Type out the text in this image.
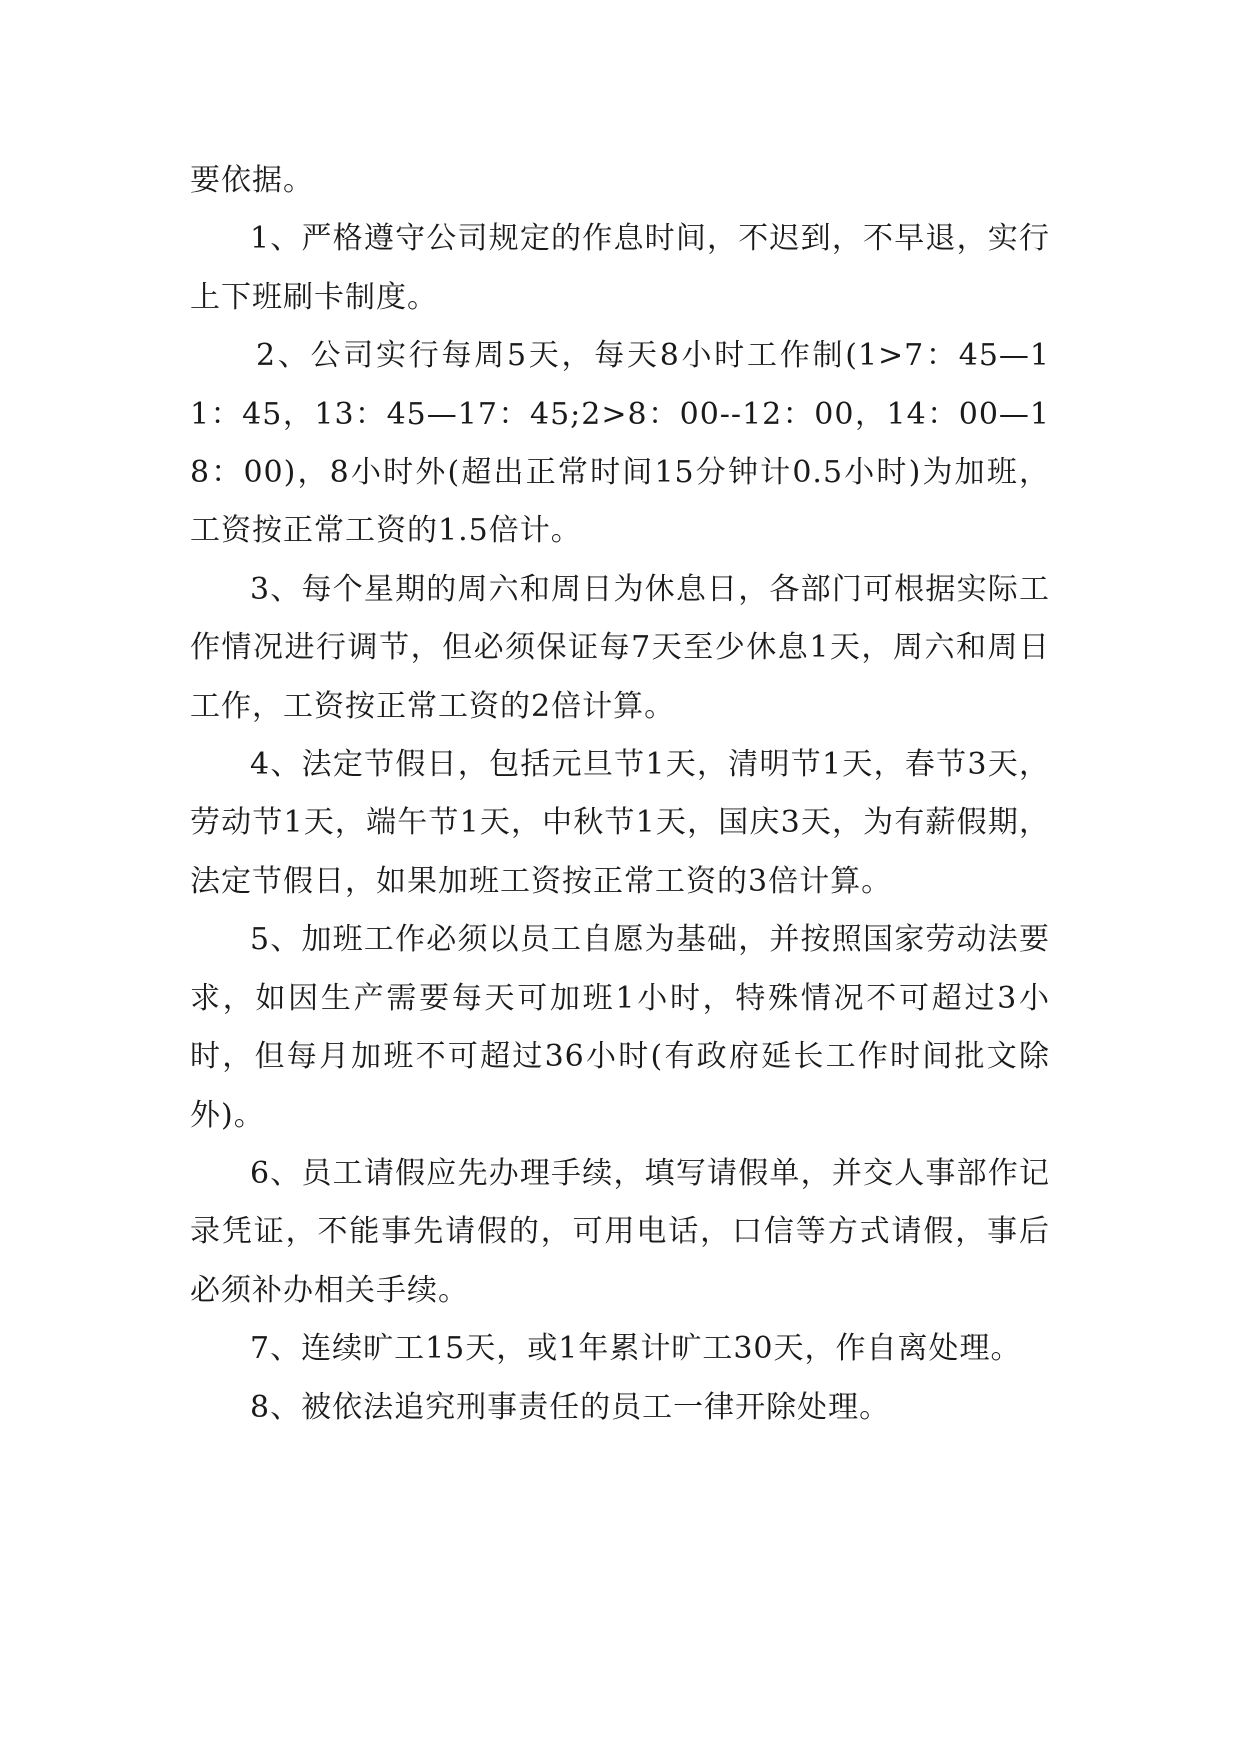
要依据。

1、严格遵守公司规定的作息时间，不迟到，不早退，实行上下班刷卡制度。

2、公司实行每周5天，每天8小时工作制(1>7：45—11：45，13：45—17：45;2>8：00--12：00，14：00—18：00)，8小时外(超出正常时间15分钟计0.5小时)为加班，工资按正常工资的1.5倍计。

3、每个星期的周六和周日为休息日，各部门可根据实际工作情况进行调节，但必须保证每7天至少休息1天，周六和周日工作，工资按正常工资的2倍计算。

4、法定节假日，包括元旦节1天，清明节1天，春节3天，劳动节1天，端午节1天，中秋节1天，国庆3天，为有薪假期，法定节假日，如果加班工资按正常工资的3倍计算。

5、加班工作必须以员工自愿为基础，并按照国家劳动法要求，如因生产需要每天可加班1小时，特殊情况不可超过3小时，但每月加班不可超过36小时(有政府延长工作时间批文除外)。

6、员工请假应先办理手续，填写请假单，并交人事部作记录凭证，不能事先请假的，可用电话，口信等方式请假，事后必须补办相关手续。

7、连续旷工15天，或1年累计旷工30天，作自离处理。

8、被依法追究刑事责任的员工一律开除处理。
